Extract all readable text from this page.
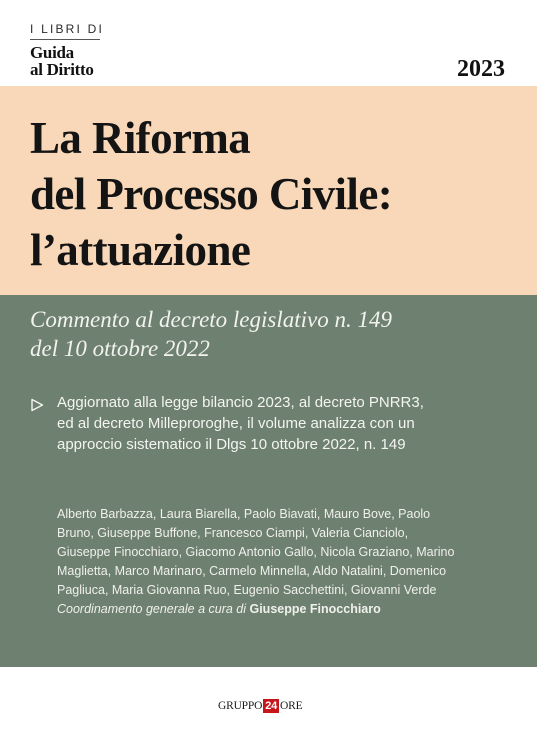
I LIBRI DI
Guida
al Diritto	2023
La Riforma
del Processo Civile:
l’attuazione
Commento al decreto legislativo n. 149
del 10 ottobre 2022
Aggiornato alla legge bilancio 2023, al decreto PNRR3,
ed al decreto Milleproroghe, il volume analizza con un
approccio sistematico il Dlgs 10 ottobre 2022, n. 149
Alberto Barbazza, Laura Biarella, Paolo Biavati, Mauro Bove, Paolo
Bruno, Giuseppe Buffone, Francesco Ciampi, Valeria Cianciolo,
Giuseppe Finocchiaro, Giacomo Antonio Gallo, Nicola Graziano, Marino
Maglietta, Marco Marinaro, Carmelo Minnella, Aldo Natalini, Domenico
Pagliuca, Maria Giovanna Ruo, Eugenio Sacchettini, Giovanni Verde
Coordinamento generale a cura di Giuseppe Finocchiaro
GRUPPO 24 ORE
